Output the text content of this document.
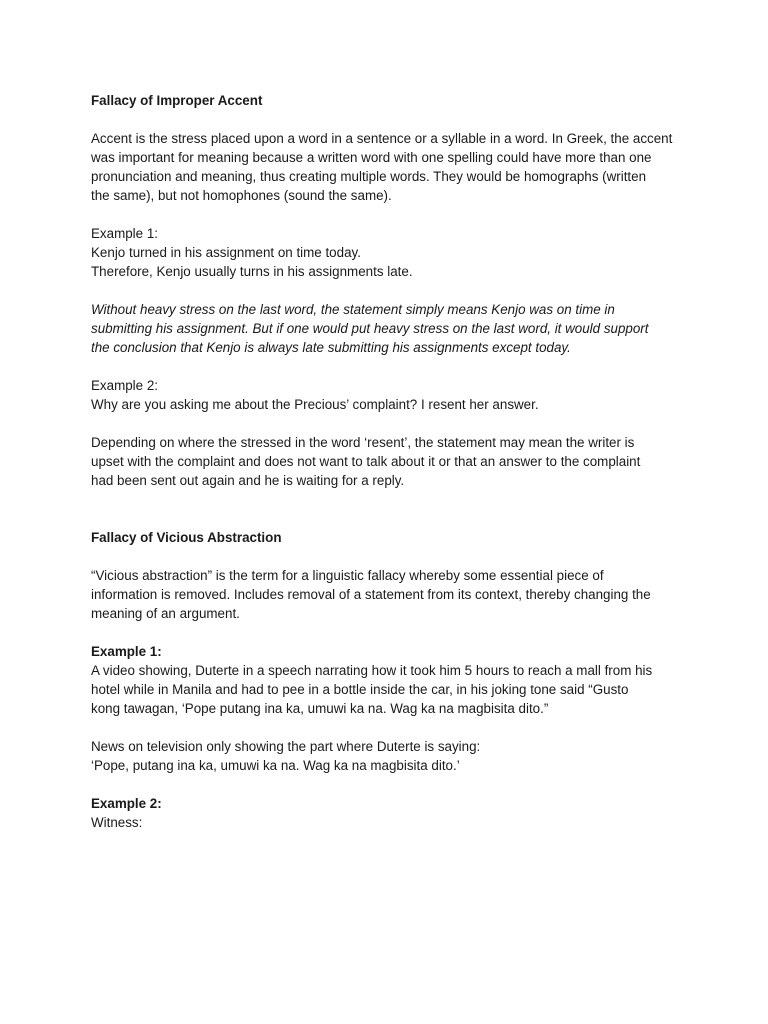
Fallacy of Improper Accent

Accent is the stress placed upon a word in a sentence or a syllable in a word. In Greek, the accent
was important for meaning because a written word with one spelling could have more than one
pronunciation and meaning, thus creating multiple words. They would be homographs (written
the same), but not homophones (sound the same).

Example 1:
Kenjo turned in his assignment on time today.
Therefore, Kenjo usually turns in his assignments late.

Without heavy stress on the last word, the statement simply means Kenjo was on time in
submitting his assignment. But if one would put heavy stress on the last word, it would support
the conclusion that Kenjo is always late submitting his assignments except today.

Example 2:
Why are you asking me about the Precious’ complaint? I resent her answer.

Depending on where the stressed in the word ‘resent’, the statement may mean the writer is
upset with the complaint and does not want to talk about it or that an answer to the complaint
had been sent out again and he is waiting for a reply.

Fallacy of Vicious Abstraction

“Vicious abstraction” is the term for a linguistic fallacy whereby some essential piece of
information is removed. Includes removal of a statement from its context, thereby changing the
meaning of an argument.

Example 1:
A video showing, Duterte in a speech narrating how it took him 5 hours to reach a mall from his
hotel while in Manila and had to pee in a bottle inside the car, in his joking tone said “Gusto
kong tawagan, ‘Pope putang ina ka, umuwi ka na. Wag ka na magbisita dito.”

News on television only showing the part where Duterte is saying:
‘Pope, putang ina ka, umuwi ka na. Wag ka na magbisita dito.’

Example 2:
Witness:
